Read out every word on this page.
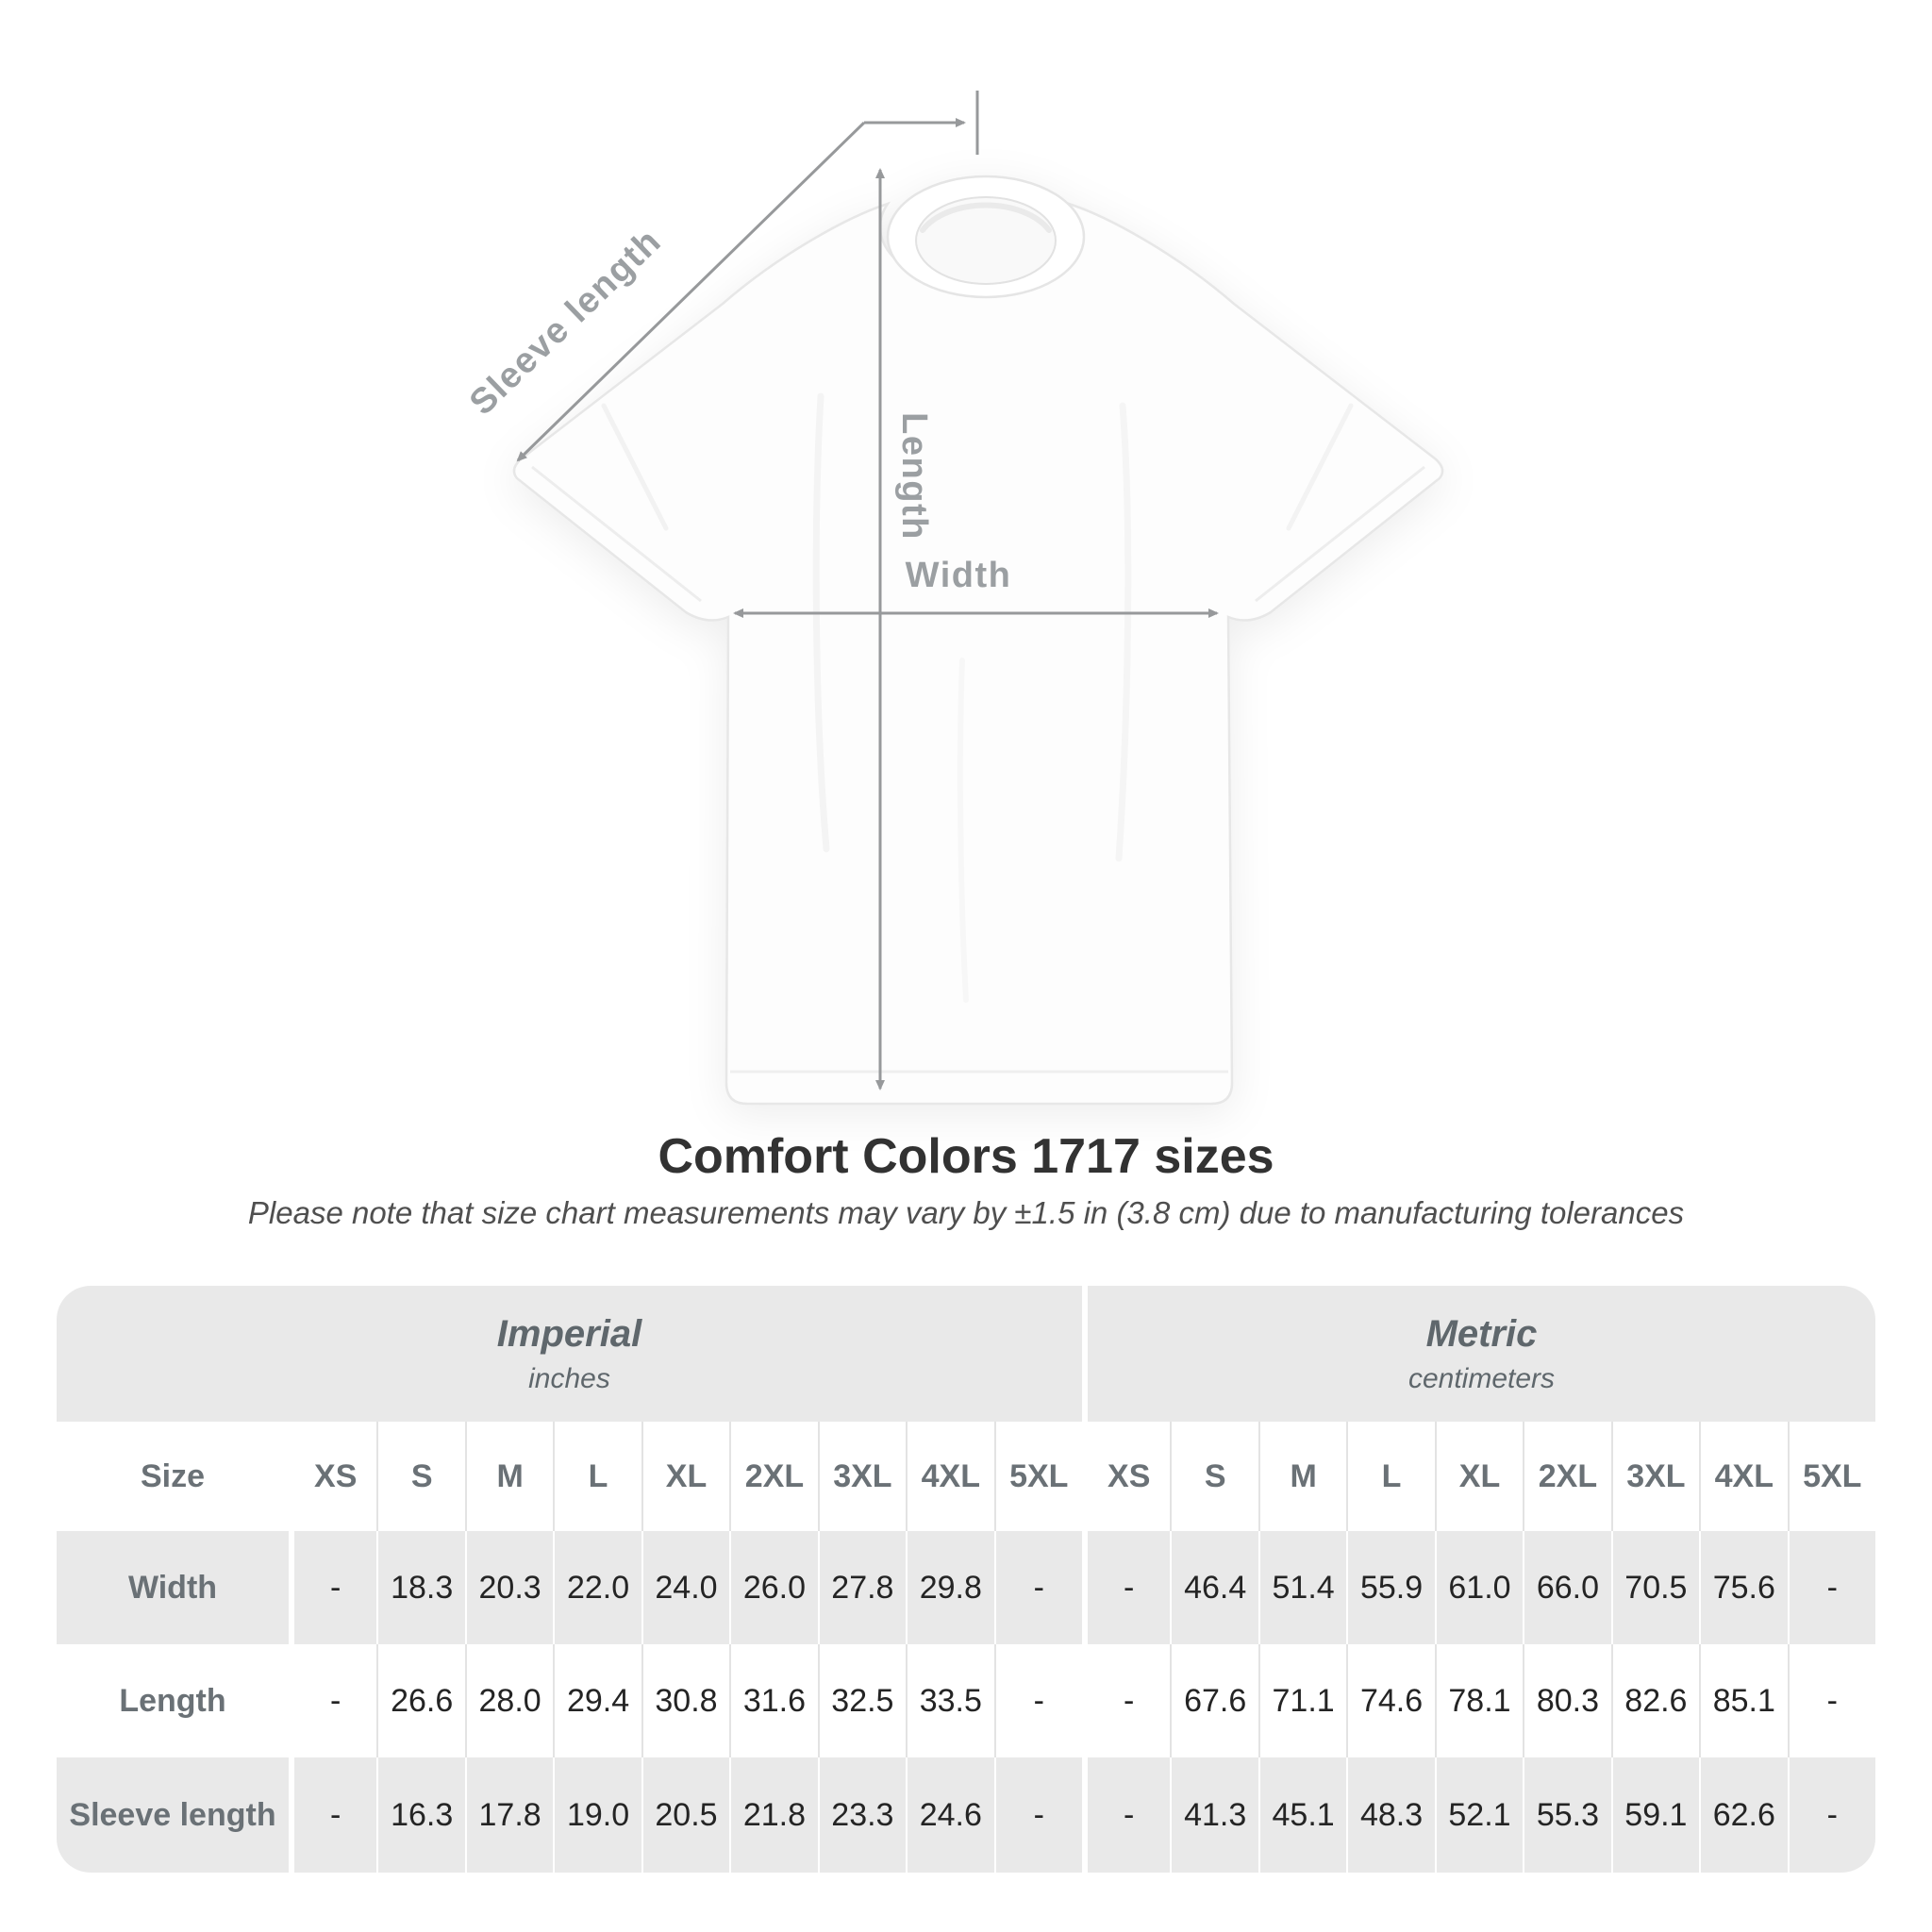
Sleeve length
Length
Width
Comfort Colors 1717 sizes

Please note that size chart measurements may vary by ±1.5 in (3.8 cm) due to manufacturing tolerances

Imperial
inches
Metric
centimeters
Size	XS	S	M	L	XL	2XL 3XL 4XL 5XL	XS	S	M	L	XL	2XL 3XL 4XL 5XL
Width	-	18.3 20.3 22.0 24.0 26.0 27.8 29.8	-	-	46.4 51.4 55.9 61.0 66.0 70.5 75.6	-
Length	-	26.6 28.0 29.4 30.8 31.6 32.5 33.5	-	-	67.6 71.1 74.6 78.1 80.3 82.6 85.1	-
Sleeve length	-	16.3 17.8 19.0 20.5 21.8 23.3 24.6	-	-	41.3 45.1 48.3 52.1 55.3 59.1 62.6	-
